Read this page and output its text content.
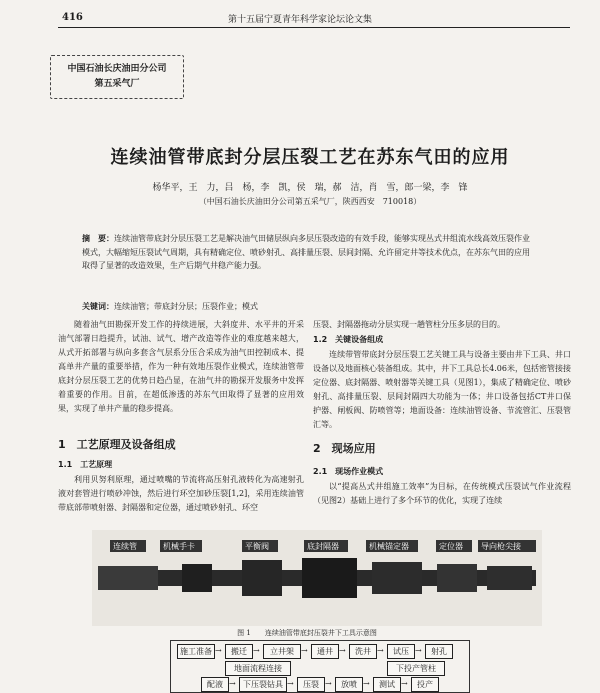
416	第十五届宁夏青年科学家论坛论文集
中国石油长庆油田分公司
第五采气厂
连续油管带底封分层压裂工艺在苏东气田的应用
杨华平，王　力，吕　杨，李　凯，侯　瑞，郝　洁，肖　雪，郎一梁，李　锋
（中国石油长庆油田分公司第五采气厂，陕西西安　710018）
摘　要：连续油管带底封分层压裂工艺是解决油气田储层纵向多层压裂改造的有效手段，能够实现丛式井组流水线高效压裂作业模式，大幅缩短压裂试气周期，具有精确定位、喷砂射孔、高排量压裂、层间封隔、允许留定井等技术优点，在苏东气田的应用取得了显著的改造效果，生产后期气井稳产能力强。
关键词：连续油管；带底封分层；压裂作业；模式

随着油气田勘探开发工作的持续进展，大斜度井、水平井的开采油气部署日趋提升，试油、试气、增产改造等作业的难度越来越大，从式开拓部署与纵向多套含气层系分压合采成为油气田控制成本、提高单井产量的重要举措，作为一种有效地压裂作业模式，连续油管带底封分层压裂工艺的优势日趋凸显，在油气井的勘探开发服务中发挥着重要的作用。目前，在超低渗透的苏东气田取得了显著的应用效果，实现了单井产量的稳步提高。

1　工艺原理及设备组成
1.1　工艺原理

利用贝努利原理，通过喷嘴的节流将高压射孔液转化为高速射孔液对套管进行喷砂冲蚀，然后进行环空加砂压裂[1,2]，采用连续油管带底部带喷射器、封隔器和定位器，通过喷砂射孔、环空

压裂、封隔器拖动分层实现一趟管柱分压多层的目的。

1.2　关键设备组成

连续带管带底封分层压裂工艺关键工具与设备主要由井下工具、井口设备以及地面核心装备组成。其中，井下工具总长4.06米，包括密管接接定位器、底封隔器、喷射器等关键工具（见图1），集成了精确定位、喷砂射孔、高排量压裂、层间封隔四大功能为一体；井口设备包括CT井口保护器、闸板阀、防喷管等；地面设备：连续油管设备、节流管汇、压裂管汇等。

2　现场应用
2.1　现场作业模式

以“提高丛式井组施工效率”为目标，在传统模式压裂试气作业流程（见图2）基础上进行了多个环节的优化，实现了连续

连续管	机械手卡	平衡阀	底封隔器	机械锚定器	定位器 导向枪尖接
图 1 连续油管带底封压裂井下工具示意图
施工准备 →	搬迁 →	立井架 →	通井 →	洗井 →	试压 →	射孔
地面流程连接	下投产管柱
配液 → 下压裂钻具 →	压裂 →	放喷 →	测试 →	投产
